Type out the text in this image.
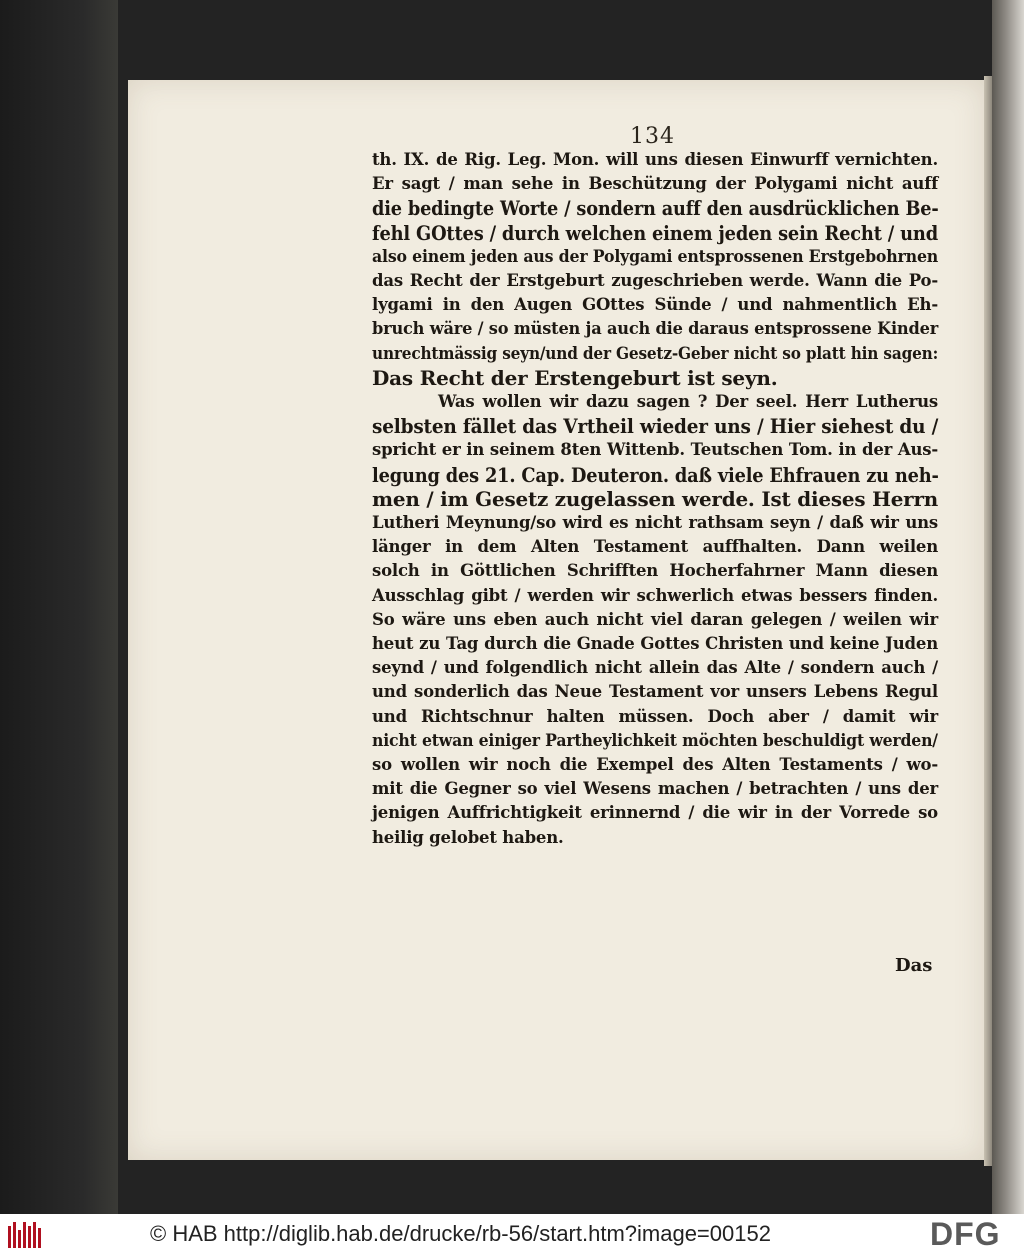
134
th. IX. de Rig. Leg. Mon. will uns diesen Einwurff vernichten.
Er sagt / man sehe in Beschützung der Polygami nicht auff
die bedingte Worte / sondern auff den ausdrücklichen Be-
fehl GOttes / durch welchen einem jeden sein Recht / und
also einem jeden aus der Polygami entsprossenen Erstgebohrnen
das Recht der Erstgeburt zugeschrieben werde. Wann die Po-
lygami in den Augen GOttes Sünde / und nahmentlich Eh-
bruch wäre / so müsten ja auch die daraus entsprossene Kinder
unrechtmässig seyn/und der Gesetz-Geber nicht so platt hin sagen:
Das Recht der Erstengeburt ist seyn.
Was wollen wir dazu sagen ? Der seel. Herr Lutherus
selbsten fället das Vrtheil wieder uns / Hier siehest du /
spricht er in seinem 8ten Wittenb. Teutschen Tom. in der Aus-
legung des 21. Cap. Deuteron. daß viele Ehfrauen zu neh-
men / im Gesetz zugelassen werde. Ist dieses Herrn
Lutheri Meynung/so wird es nicht rathsam seyn / daß wir uns
länger in dem Alten Testament auffhalten. Dann weilen
solch in Göttlichen Schrifften Hocherfahrner Mann diesen
Ausschlag gibt / werden wir schwerlich etwas bessers finden.
So wäre uns eben auch nicht viel daran gelegen / weilen wir
heut zu Tag durch die Gnade Gottes Christen und keine Juden
seynd / und folgendlich nicht allein das Alte / sondern auch /
und sonderlich das Neue Testament vor unsers Lebens Regul
und Richtschnur halten müssen. Doch aber / damit wir
nicht etwan einiger Partheylichkeit möchten beschuldigt werden/
so wollen wir noch die Exempel des Alten Testaments / wo-
mit die Gegner so viel Wesens machen / betrachten / uns der
jenigen Auffrichtigkeit erinnernd / die wir in der Vorrede so
heilig gelobet haben.
Das
© HAB http://diglib.hab.de/drucke/rb-56/start.htm?image=00152	DFG
